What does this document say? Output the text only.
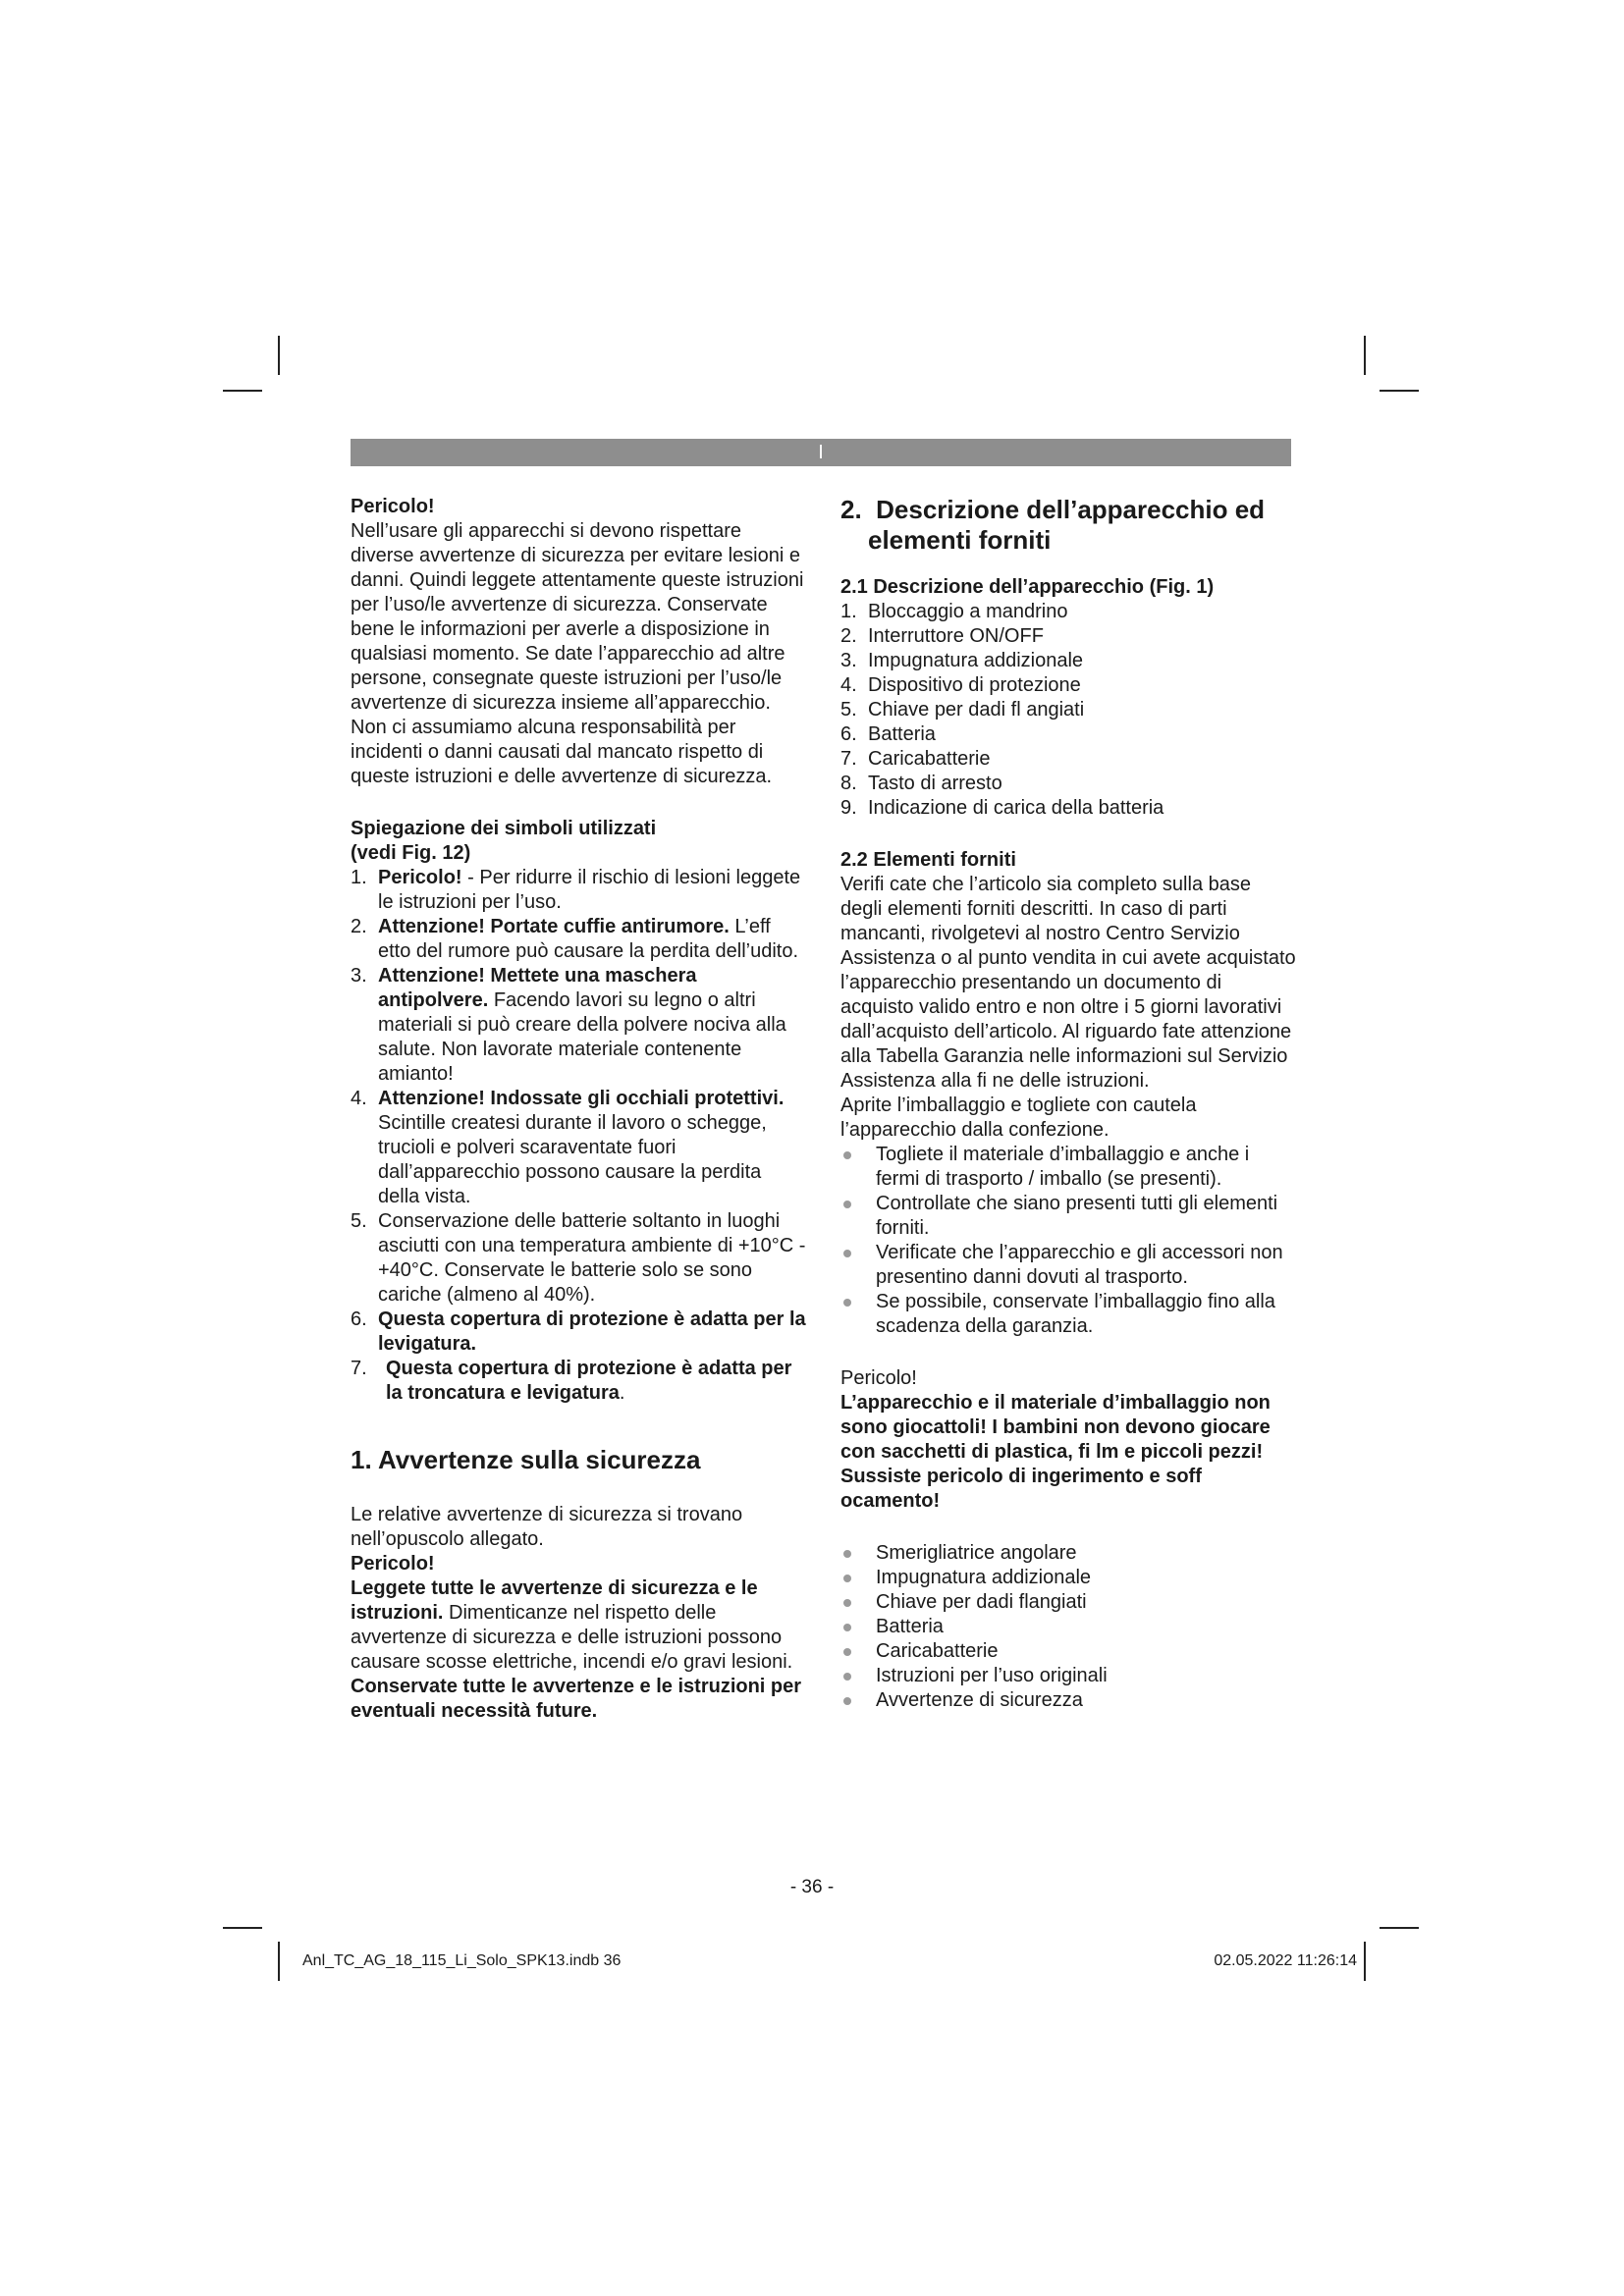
I

Pericolo!

Nell’usare gli apparecchi si devono rispettare diverse avvertenze di sicurezza per evitare lesioni e danni. Quindi leggete attentamente queste istruzioni per l’uso/le avvertenze di sicurezza. Conservate bene le informazioni per averle a disposizione in qualsiasi momento. Se date l’apparecchio ad altre persone, consegnate queste istruzioni per l’uso/le avvertenze di sicurezza insieme all’apparecchio. Non ci assumiamo alcuna responsabilità per incidenti o danni causati dal mancato rispetto di queste istruzioni e delle avvertenze di sicurezza.

Spiegazione dei simboli utilizzati
(vedi Fig. 12)

1. Pericolo! - Per ridurre il rischio di lesioni leggete le istruzioni per l’uso.
2. Attenzione! Portate cuffie antirumore. L’eff etto del rumore può causare la perdita dell’udito.
3. Attenzione! Mettete una maschera antipolvere. Facendo lavori su legno o altri materiali si può creare della polvere nociva alla salute. Non lavorate materiale contenente amianto!
4. Attenzione! Indossate gli occhiali protettivi. Scintille createsi durante il lavoro o schegge, trucioli e polveri scaraventate fuori dall’apparecchio possono causare la perdita della vista.
5. Conservazione delle batterie soltanto in luoghi asciutti con una temperatura ambiente di +10°C - +40°C. Conservate le batterie solo se sono cariche (almeno al 40%).
6. Questa copertura di protezione è adatta per la levigatura.
7. Questa copertura di protezione è adatta per la troncatura e levigatura.

1. Avvertenze sulla sicurezza

Le relative avvertenze di sicurezza si trovano nell’opuscolo allegato.

Pericolo!

Leggete tutte le avvertenze di sicurezza e le istruzioni. Dimenticanze nel rispetto delle avvertenze di sicurezza e delle istruzioni possono causare scosse elettriche, incendi e/o gravi lesioni.

Conservate tutte le avvertenze e le istruzioni per eventuali necessità future.

2. Descrizione dell’apparecchio ed elementi forniti

2.1 Descrizione dell’apparecchio (Fig. 1)

1. Bloccaggio a mandrino
2. Interruttore ON/OFF
3. Impugnatura addizionale
4. Dispositivo di protezione
5. Chiave per dadi fl angiati
6. Batteria
7. Caricabatterie
8. Tasto di arresto
9. Indicazione di carica della batteria

2.2 Elementi forniti

Verifi cate che l’articolo sia completo sulla base degli elementi forniti descritti. In caso di parti mancanti, rivolgetevi al nostro Centro Servizio Assistenza o al punto vendita in cui avete acquistato l’apparecchio presentando un documento di acquisto valido entro e non oltre i 5 giorni lavorativi dall’acquisto dell’articolo. Al riguardo fate attenzione alla Tabella Garanzia nelle informazioni sul Servizio Assistenza alla fi ne delle istruzioni.

Aprite l’imballaggio e togliete con cautela l’apparecchio dalla confezione.

Togliete il materiale d’imballaggio e anche i fermi di trasporto / imballo (se presenti).
Controllate che siano presenti tutti gli elementi forniti.
Verificate che l’apparecchio e gli accessori non presentino danni dovuti al trasporto.
Se possibile, conservate l’imballaggio fino alla scadenza della garanzia.

Pericolo!

L’apparecchio e il materiale d’imballaggio non sono giocattoli! I bambini non devono giocare con sacchetti di plastica, fi lm e piccoli pezzi! Sussiste pericolo di ingerimento e soff ocamento!

Smerigliatrice angolare
Impugnatura addizionale
Chiave per dadi flangiati
Batteria
Caricabatterie
Istruzioni per l’uso originali
Avvertenze di sicurezza
- 36 -
Anl_TC_AG_18_115_Li_Solo_SPK13.indb 36	02.05.2022 11:26:14
